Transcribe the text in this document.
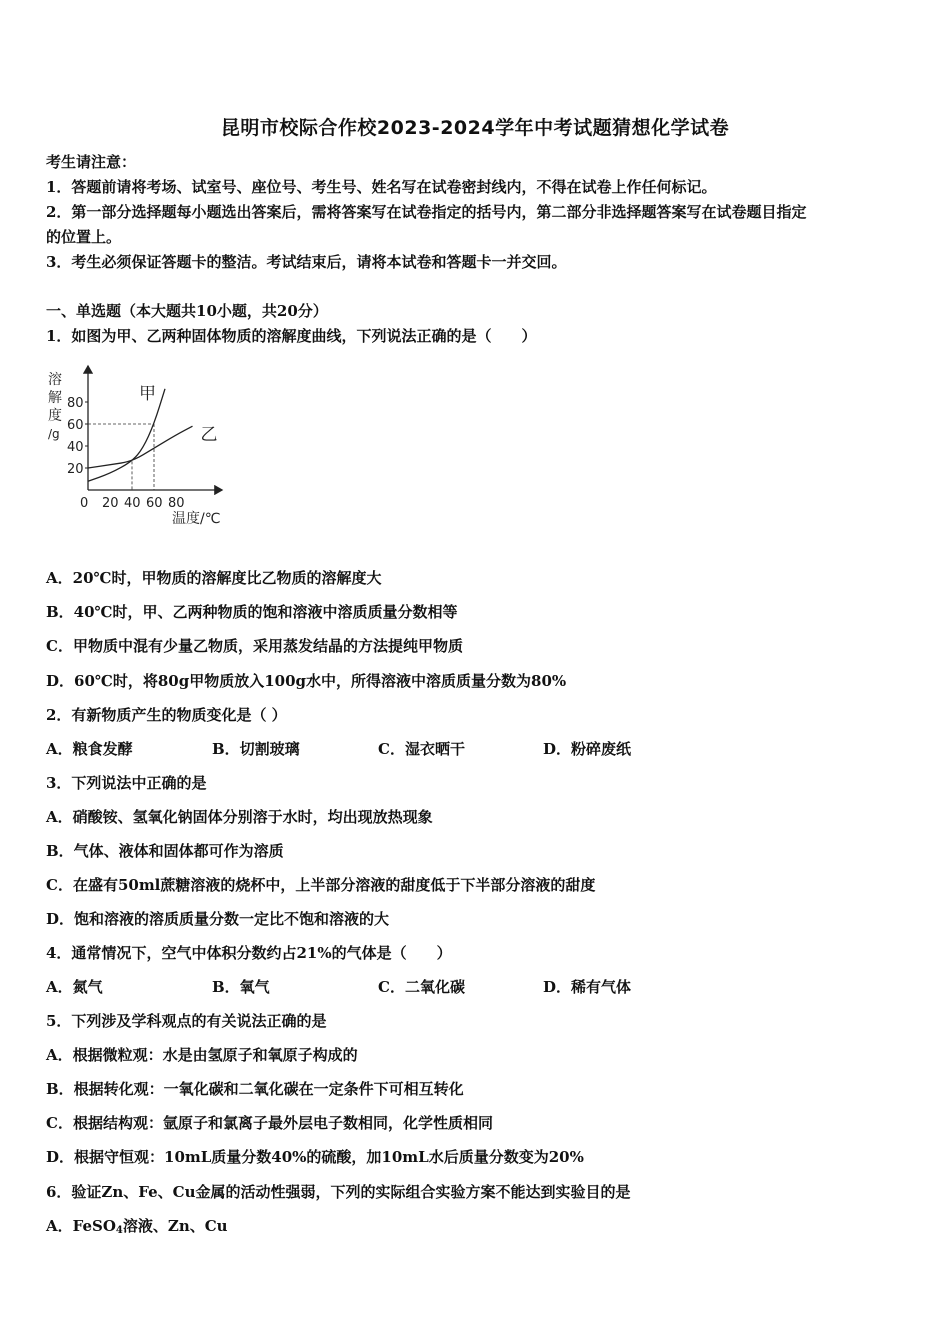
昆明市校际合作校2023-2024学年中考试题猜想化学试卷
考生请注意：
1．答题前请将考场、试室号、座位号、考生号、姓名写在试卷密封线内，不得在试卷上作任何标记。
2．第一部分选择题每小题选出答案后，需将答案写在试卷指定的括号内，第二部分非选择题答案写在试卷题目指定
的位置上。
3．考生必须保证答题卡的整洁。考试结束后，请将本试卷和答题卡一并交回。
一、单选题（本大题共10小题，共20分）
1．如图为甲、乙两种固体物质的溶解度曲线，下列说法正确的是（　　）
溶
解
度
/g
温度/℃
20
40
60
80
0 20 40 60 80
甲
乙
A．20℃时，甲物质的溶解度比乙物质的溶解度大
B．40℃时，甲、乙两种物质的饱和溶液中溶质质量分数相等
C．甲物质中混有少量乙物质，采用蒸发结晶的方法提纯甲物质
D．60℃时，将80g甲物质放入100g水中，所得溶液中溶质质量分数为80%
2．有新物质产生的物质变化是（ ）
A．粮食发酵	B．切割玻璃	C．湿衣晒干	D．粉碎废纸
3．下列说法中正确的是
A．硝酸铵、氢氧化钠固体分别溶于水时，均出现放热现象
B．气体、液体和固体都可作为溶质
C．在盛有50ml蔗糖溶液的烧杯中，上半部分溶液的甜度低于下半部分溶液的甜度
D．饱和溶液的溶质质量分数一定比不饱和溶液的大
4．通常情况下，空气中体积分数约占21%的气体是（　　）
A．氮气	B．氧气	C．二氧化碳	D．稀有气体
5．下列涉及学科观点的有关说法正确的是
A．根据微粒观：水是由氢原子和氧原子构成的
B．根据转化观：一氧化碳和二氧化碳在一定条件下可相互转化
C．根据结构观：氩原子和氯离子最外层电子数相同，化学性质相同
D．根据守恒观：10mL质量分数40%的硫酸，加10mL水后质量分数变为20%
6．验证Zn、Fe、Cu金属的活动性强弱，下列的实际组合实验方案不能达到实验目的是
A．FeSO$_4$溶液、Zn、Cu
